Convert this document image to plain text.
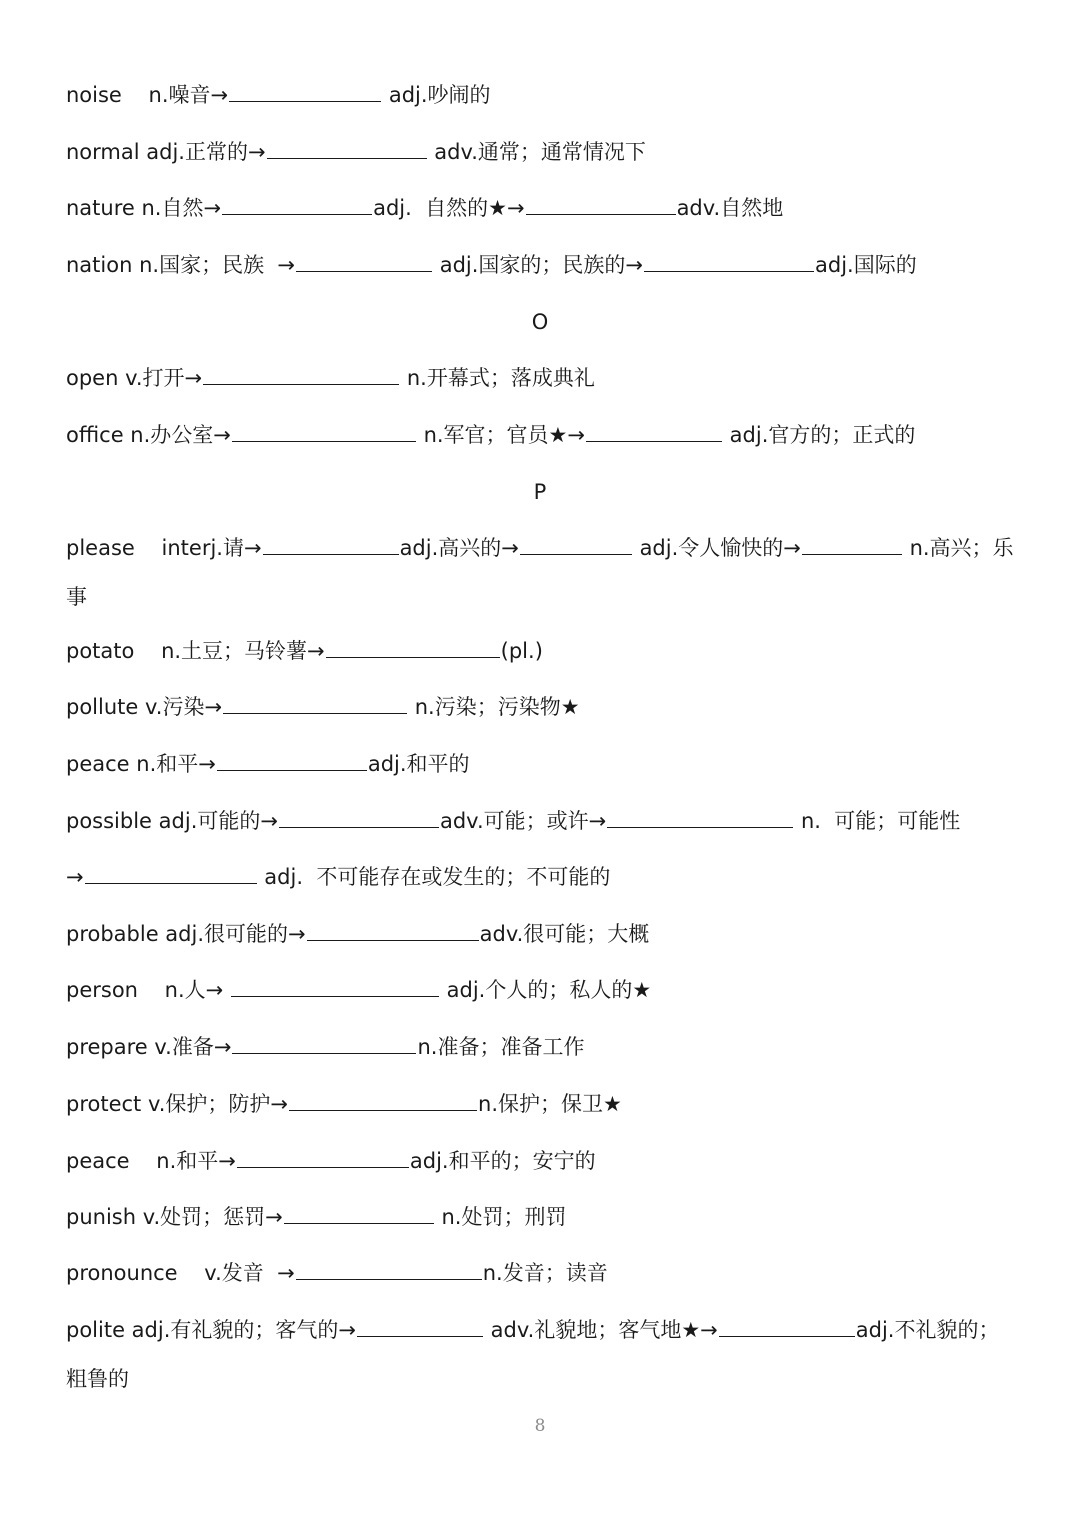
noise    n.噪音→	adj.吵闹的
normal adj.正常的→	adv.通常；通常情况下
nature n.自然→	adj.  自然的★→	adv.自然地
nation n.国家；民族  →	adj.国家的；民族的→	adj.国际的
O
open v.打开→	n.开幕式；落成典礼
office n.办公室→	n.军官；官员★→	adj.官方的；正式的
P
please    interj.请→	adj.高兴的→	adj.令人愉快的→	n.高兴；乐
事
potato    n.土豆；马铃薯→	(pl.)
pollute v.污染→	n.污染；污染物★
peace n.和平→	adj.和平的
possible adj.可能的→	adv.可能；或许→	n.  可能；可能性
→	adj.  不可能存在或发生的；不可能的
probable adj.很可能的→	adv.很可能；大概
person    n.人→	adj.个人的；私人的★
prepare v.准备→	n.准备；准备工作
protect v.保护；防护→	n.保护；保卫★
peace    n.和平→	adj.和平的；安宁的
punish v.处罚；惩罚→	n.处罚；刑罚
pronounce    v.发音  →	n.发音；读音
polite adj.有礼貌的；客气的→	adv.礼貌地；客气地★→	adj.不礼貌的；
粗鲁的
8
